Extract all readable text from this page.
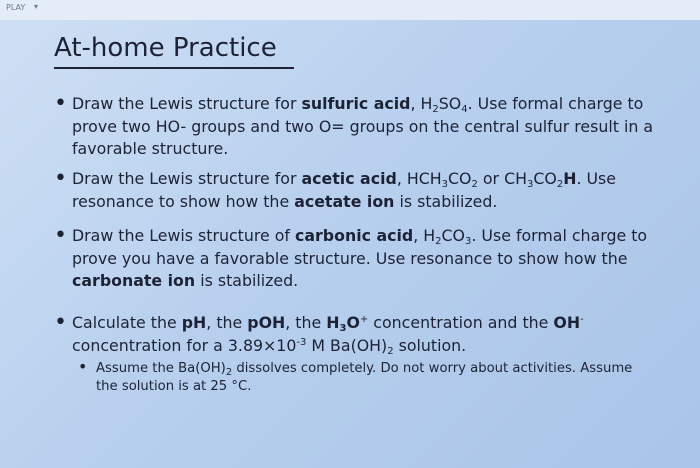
PLAY ▾
At-home Practice
• Draw the Lewis structure for sulfuric acid, $H_2SO_4$. Use formal charge to prove two HO- groups and two O= groups on the central sulfur result in a favorable structure.
• Draw the Lewis structure for acetic acid, $HCH_3CO_2$ or $CH_3CO_2H$. Use resonance to show how the acetate ion is stabilized.
• Draw the Lewis structure of carbonic acid, $H_2CO_3$. Use formal charge to prove you have a favorable structure. Use resonance to show how the carbonate ion is stabilized.
• Calculate the pH, the pOH, the $H_3O^+$ concentration and the OH- concentration for a $3.89\times 10^{-3}$ M $Ba(OH)_2$ solution.
• Assume the $Ba(OH)_2$ dissolves completely. Do not worry about activities. Assume the solution is at 25 °C.
